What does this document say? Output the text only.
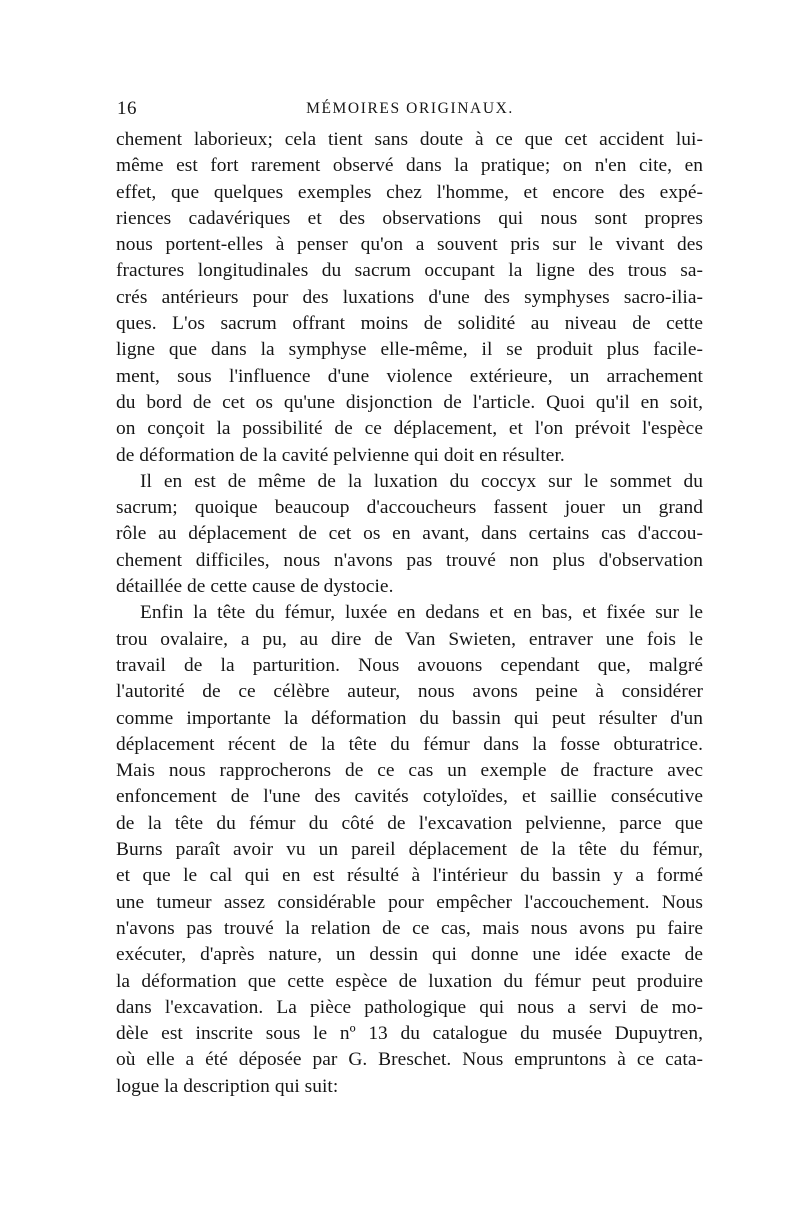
16	MÉMOIRES ORIGINAUX.
chement laborieux; cela tient sans doute à ce que cet accident lui-
même est fort rarement observé dans la pratique; on n'en cite, en
effet, que quelques exemples chez l'homme, et encore des expé-
riences cadavériques et des observations qui nous sont propres
nous portent-elles à penser qu'on a souvent pris sur le vivant des
fractures longitudinales du sacrum occupant la ligne des trous sa-
crés antérieurs pour des luxations d'une des symphyses sacro-ilia-
ques. L'os sacrum offrant moins de solidité au niveau de cette
ligne que dans la symphyse elle-même, il se produit plus facile-
ment, sous l'influence d'une violence extérieure, un arrachement
du bord de cet os qu'une disjonction de l'article. Quoi qu'il en soit,
on conçoit la possibilité de ce déplacement, et l'on prévoit l'espèce
de déformation de la cavité pelvienne qui doit en résulter.
Il en est de même de la luxation du coccyx sur le sommet du
sacrum; quoique beaucoup d'accoucheurs fassent jouer un grand
rôle au déplacement de cet os en avant, dans certains cas d'accou-
chement difficiles, nous n'avons pas trouvé non plus d'observation
détaillée de cette cause de dystocie.
Enfin la tête du fémur, luxée en dedans et en bas, et fixée sur le
trou ovalaire, a pu, au dire de Van Swieten, entraver une fois le
travail de la parturition. Nous avouons cependant que, malgré
l'autorité de ce célèbre auteur, nous avons peine à considérer
comme importante la déformation du bassin qui peut résulter d'un
déplacement récent de la tête du fémur dans la fosse obturatrice.
Mais nous rapprocherons de ce cas un exemple de fracture avec
enfoncement de l'une des cavités cotyloïdes, et saillie consécutive
de la tête du fémur du côté de l'excavation pelvienne, parce que
Burns paraît avoir vu un pareil déplacement de la tête du fémur,
et que le cal qui en est résulté à l'intérieur du bassin y a formé
une tumeur assez considérable pour empêcher l'accouchement. Nous
n'avons pas trouvé la relation de ce cas, mais nous avons pu faire
exécuter, d'après nature, un dessin qui donne une idée exacte de
la déformation que cette espèce de luxation du fémur peut produire
dans l'excavation. La pièce pathologique qui nous a servi de mo-
dèle est inscrite sous le nº 13 du catalogue du musée Dupuytren,
où elle a été déposée par G. Breschet. Nous empruntons à ce cata-
logue la description qui suit:
